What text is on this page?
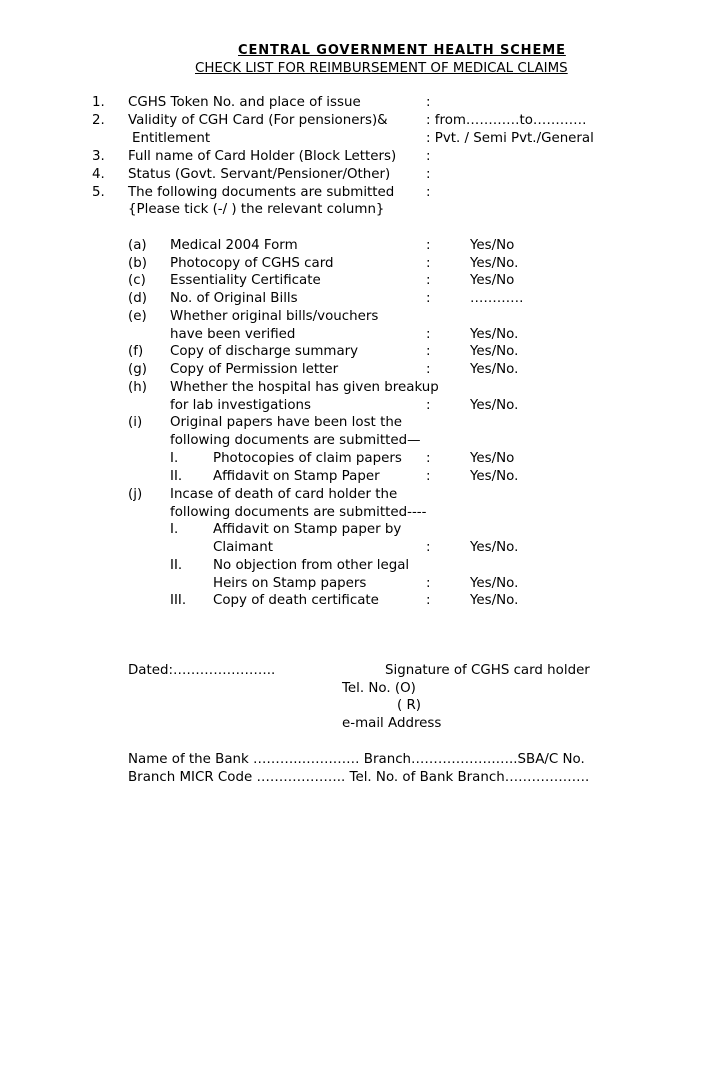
CENTRAL GOVERNMENT HEALTH SCHEME
CHECK LIST FOR REIMBURSEMENT OF MEDICAL CLAIMS
1. CGHS Token No. and place of issue	:
2. Validity of CGH Card (For pensioners)&	: from…………to…………
Entitlement	: Pvt. / Semi Pvt./General
3. Full name of Card Holder (Block Letters) :
4. Status (Govt. Servant/Pensioner/Other)	:
5. The following documents are submitted :
{Please tick (-/ ) the relevant column}
(a) Medical 2004 Form	:	Yes/No
(b) Photocopy of CGHS card	:	Yes/No.
(c) Essentiality Certificate	:	Yes/No
(d) No. of Original Bills	:	…………
(e) Whether original bills/vouchers
have been verified	:	Yes/No.
(f) Copy of discharge summary	:	Yes/No.
(g) Copy of Permission letter	:	Yes/No.
(h) Whether the hospital has given breakup
for lab investigations	:	Yes/No.
(i) Original papers have been lost the
following documents are submitted—
I.	Photocopies of claim papers :	Yes/No
II. Affidavit on Stamp Paper	:	Yes/No.
(j) Incase of death of card holder the
following documents are submitted----
I.	Affidavit on Stamp paper by
Claimant	:	Yes/No.
II. No objection from other legal
Heirs on Stamp papers	:	Yes/No.
III. Copy of death certificate	:	Yes/No.
Dated:…………………..	Signature of CGHS card holder
Tel. No. (O)
( R)
e-mail Address
Name of the Bank ………..…….…… Branch……………….…..SBA/C No.
Branch MICR Code ……………….. Tel. No. of Bank Branch……………….
